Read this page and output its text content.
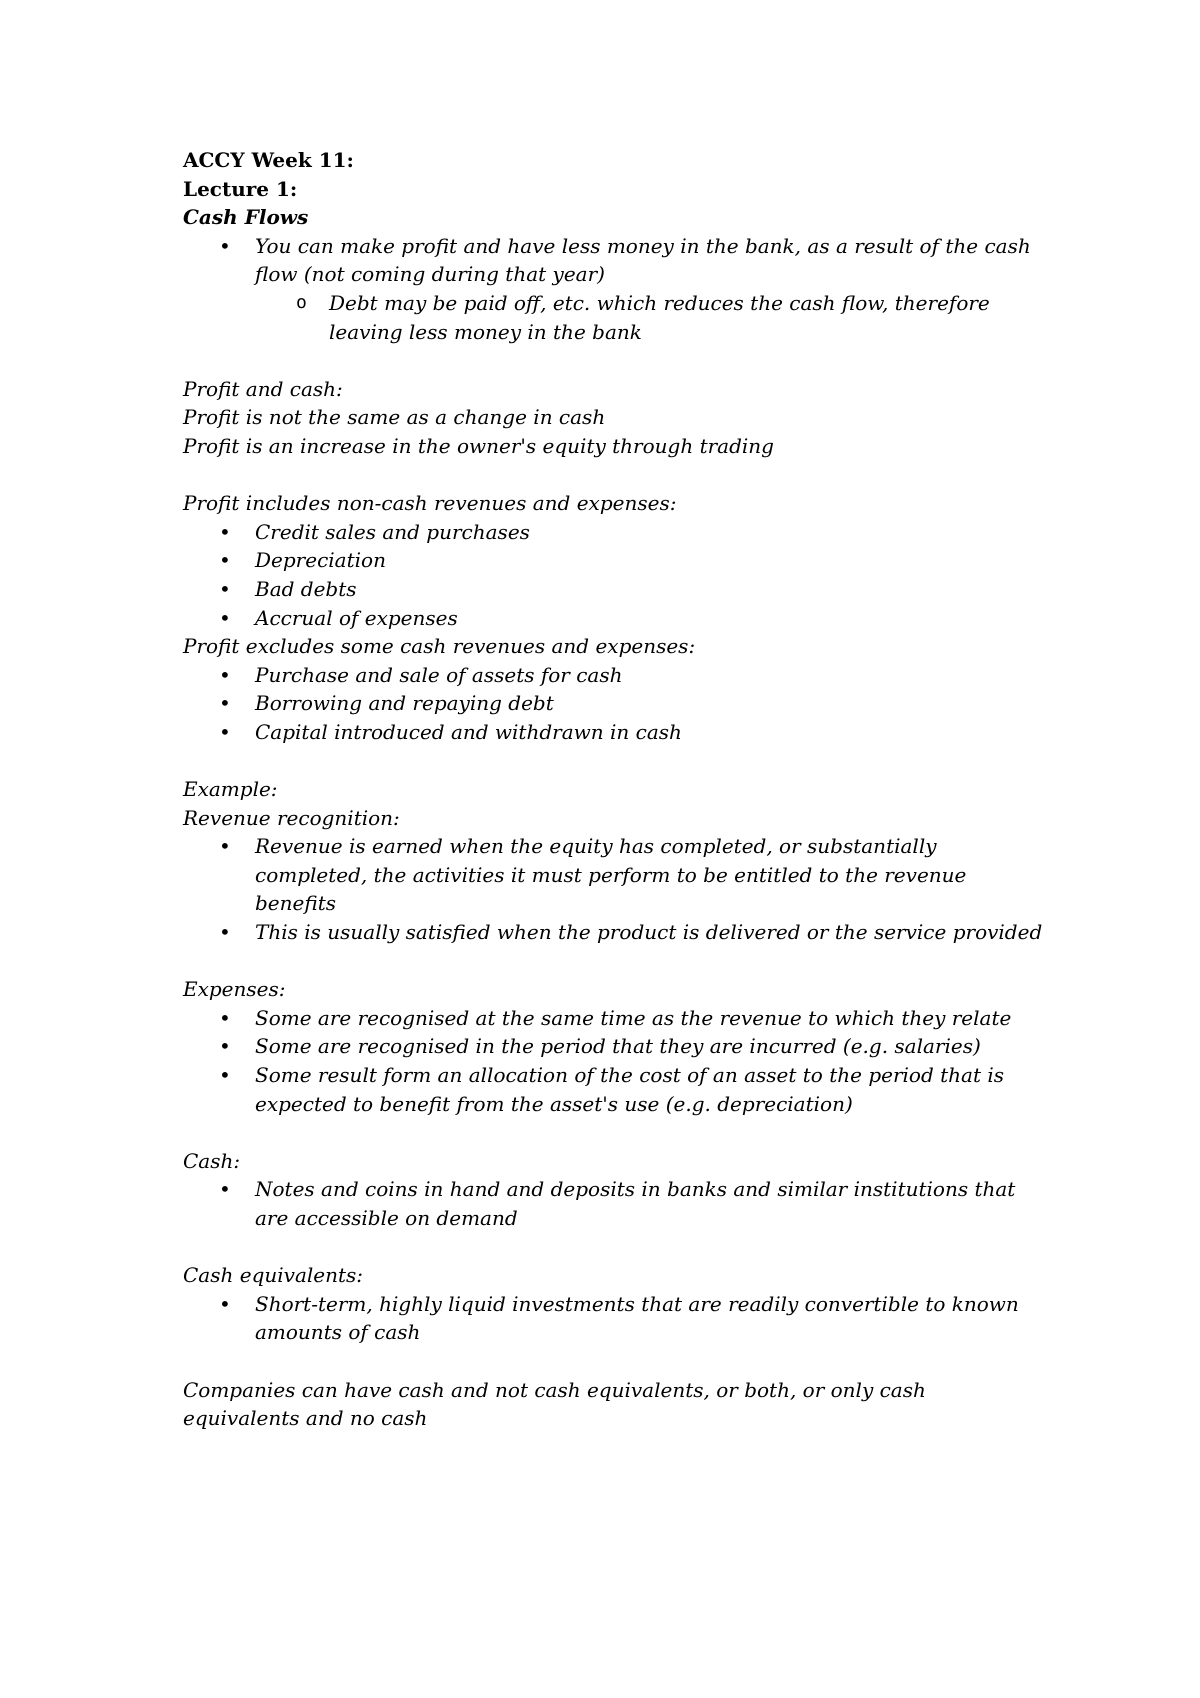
ACCY Week 11:

Lecture 1:

Cash Flows

• You can make profit and have less money in the bank, as a result of the cash flow (not coming during that year)
o Debt may be paid off, etc. which reduces the cash flow, therefore leaving less money in the bank

Profit and cash:

Profit is not the same as a change in cash

Profit is an increase in the owner's equity through trading

Profit includes non-cash revenues and expenses:

• Credit sales and purchases
• Depreciation
• Bad debts
• Accrual of expenses

Profit excludes some cash revenues and expenses:

• Purchase and sale of assets for cash
• Borrowing and repaying debt
• Capital introduced and withdrawn in cash

Example:

Revenue recognition:

• Revenue is earned when the equity has completed, or substantially completed, the activities it must perform to be entitled to the revenue benefits
• This is usually satisfied when the product is delivered or the service provided

Expenses:

• Some are recognised at the same time as the revenue to which they relate
• Some are recognised in the period that they are incurred (e.g. salaries)
• Some result form an allocation of the cost of an asset to the period that is expected to benefit from the asset's use (e.g. depreciation)

Cash:

• Notes and coins in hand and deposits in banks and similar institutions that are accessible on demand

Cash equivalents:

• Short-term, highly liquid investments that are readily convertible to known amounts of cash

Companies can have cash and not cash equivalents, or both, or only cash equivalents and no cash
